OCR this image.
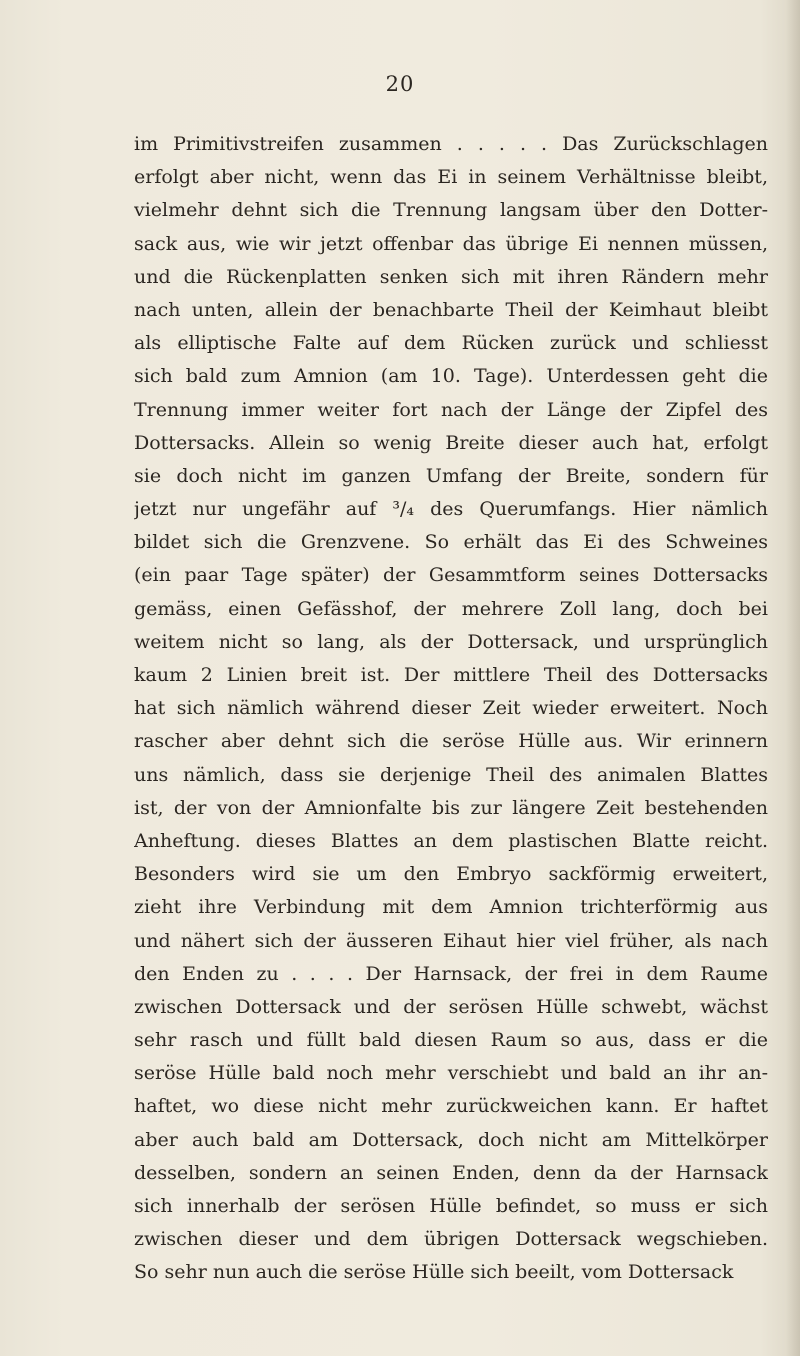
20
im Primitivstreifen zusammen . . . . . Das Zurückschlagen
erfolgt aber nicht, wenn das Ei in seinem Verhältnisse bleibt,
vielmehr dehnt sich die Trennung langsam über den Dotter-
sack aus, wie wir jetzt offenbar das übrige Ei nennen müssen,
und die Rückenplatten senken sich mit ihren Rändern mehr
nach unten, allein der benachbarte Theil der Keimhaut bleibt
als elliptische Falte auf dem Rücken zurück und schliesst
sich bald zum Amnion (am 10. Tage). Unterdessen geht die
Trennung immer weiter fort nach der Länge der Zipfel des
Dottersacks. Allein so wenig Breite dieser auch hat, erfolgt
sie doch nicht im ganzen Umfang der Breite, sondern für
jetzt nur ungefähr auf ³/₄ des Querumfangs. Hier nämlich
bildet sich die Grenzvene. So erhält das Ei des Schweines
(ein paar Tage später) der Gesammtform seines Dottersacks
gemäss, einen Gefässhof, der mehrere Zoll lang, doch bei
weitem nicht so lang, als der Dottersack, und ursprünglich
kaum 2 Linien breit ist. Der mittlere Theil des Dottersacks
hat sich nämlich während dieser Zeit wieder erweitert. Noch
rascher aber dehnt sich die seröse Hülle aus. Wir erinnern
uns nämlich, dass sie derjenige Theil des animalen Blattes
ist, der von der Amnionfalte bis zur längere Zeit bestehenden
Anheftung. dieses Blattes an dem plastischen Blatte reicht.
Besonders wird sie um den Embryo sackförmig erweitert,
zieht ihre Verbindung mit dem Amnion trichterförmig aus
und nähert sich der äusseren Eihaut hier viel früher, als nach
den Enden zu . . . . Der Harnsack, der frei in dem Raume
zwischen Dottersack und der serösen Hülle schwebt, wächst
sehr rasch und füllt bald diesen Raum so aus, dass er die
seröse Hülle bald noch mehr verschiebt und bald an ihr an-
haftet, wo diese nicht mehr zurückweichen kann. Er haftet
aber auch bald am Dottersack, doch nicht am Mittelkörper
desselben, sondern an seinen Enden, denn da der Harnsack
sich innerhalb der serösen Hülle befindet, so muss er sich
zwischen dieser und dem übrigen Dottersack wegschieben.
So sehr nun auch die seröse Hülle sich beeilt, vom Dottersack
